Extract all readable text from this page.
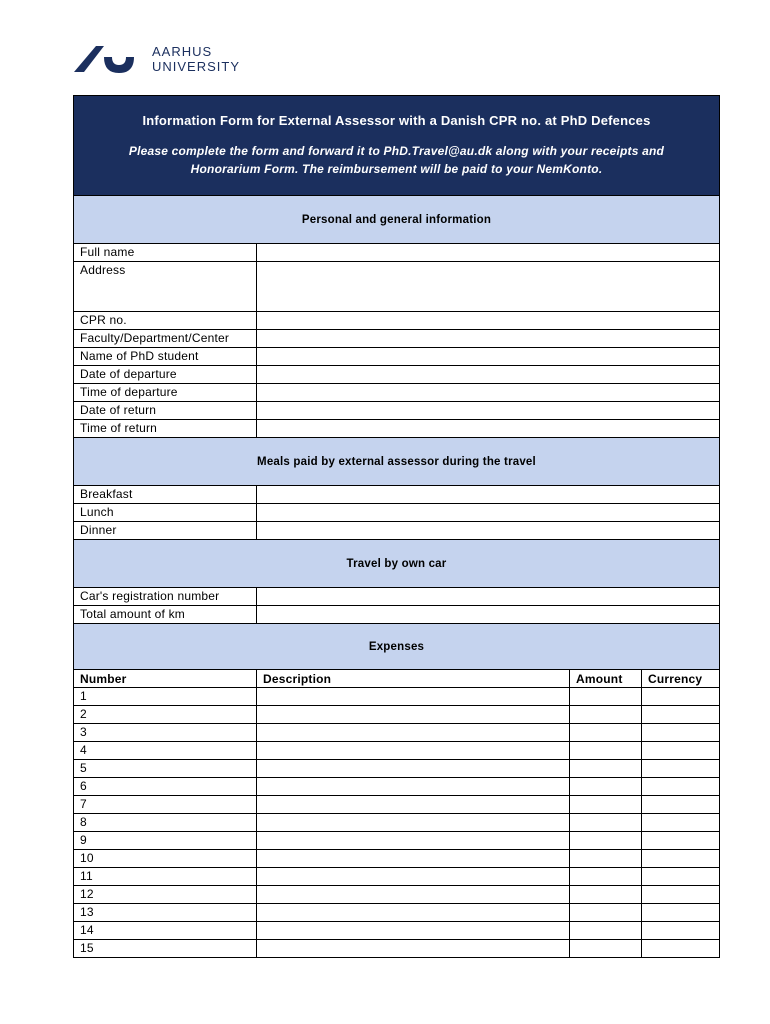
AARHUS
UNIVERSITY
Information Form for External Assessor with a Danish CPR no. at PhD Defences
Please complete the form and forward it to PhD.Travel@au.dk along with your receipts and Honorarium Form. The reimbursement will be paid to your NemKonto.			

Personal and general information			
Full name			
Address			
CPR no.			
Faculty/Department/Center			
Name of PhD student			
Date of departure			
Time of departure			
Date of return			
Time of return			
Meals paid by external assessor during the travel			
Breakfast			
Lunch			
Dinner			
Travel by own car			
Car's registration number			
Total amount of km			
Expenses			
Number	Description	Amount	Currency
1			
2			
3			
4			
5			
6			
7			
8			
9			
10			
11			
12			
13			
14			
15			
